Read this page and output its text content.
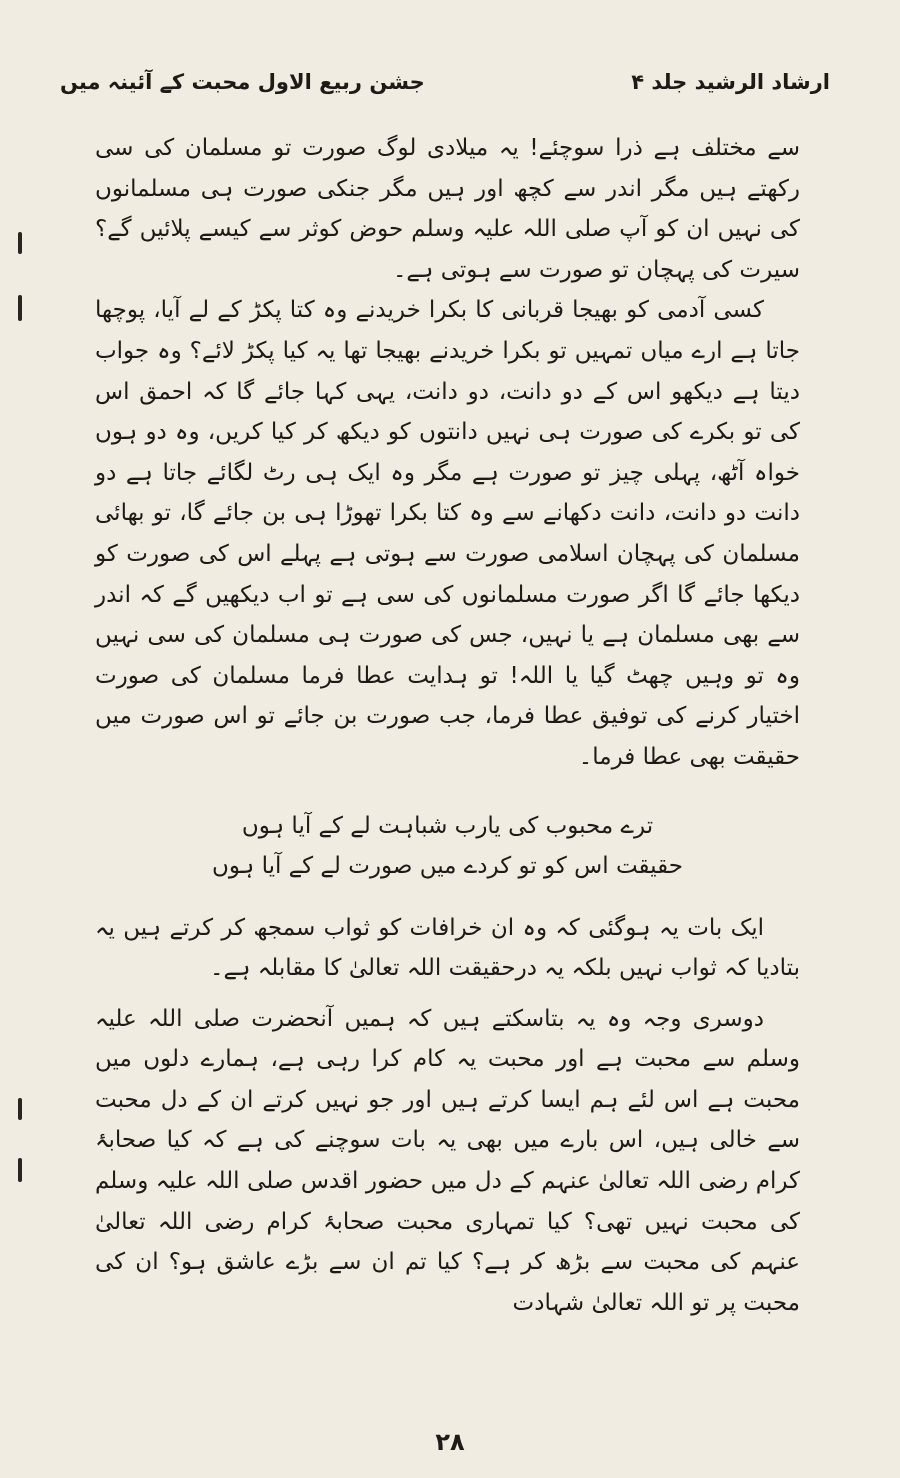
ارشاد الرشید جلد ۴
جشن ربیع الاول محبت کے آئینہ میں

سے مختلف ہے ذرا سوچئے! یہ میلادی لوگ صورت تو مسلمان کی سی رکھتے ہیں مگر اندر سے کچھ اور ہیں مگر جنکی صورت ہی مسلمانوں کی نہیں ان کو آپ صلی اللہ علیہ وسلم حوض کوثر سے کیسے پلائیں گے؟ سیرت کی پہچان تو صورت سے ہوتی ہے۔

کسی آدمی کو بھیجا قربانی کا بکرا خریدنے وہ کتا پکڑ کے لے آیا، پوچھا جاتا ہے ارے میاں تمہیں تو بکرا خریدنے بھیجا تھا یہ کیا پکڑ لائے؟ وہ جواب دیتا ہے دیکھو اس کے دو دانت، دو دانت، یہی کہا جائے گا کہ احمق اس کی تو بکرے کی صورت ہی نہیں دانتوں کو دیکھ کر کیا کریں، وہ دو ہوں خواہ آٹھ، پہلی چیز تو صورت ہے مگر وہ ایک ہی رٹ لگائے جاتا ہے دو دانت دو دانت، دانت دکھانے سے وہ کتا بکرا تھوڑا ہی بن جائے گا، تو بھائی مسلمان کی پہچان اسلامی صورت سے ہوتی ہے پہلے اس کی صورت کو دیکھا جائے گا اگر صورت مسلمانوں کی سی ہے تو اب دیکھیں گے کہ اندر سے بھی مسلمان ہے یا نہیں، جس کی صورت ہی مسلمان کی سی نہیں وہ تو وہیں چھٹ گیا یا اللہ! تو ہدایت عطا فرما مسلمان کی صورت اختیار کرنے کی توفیق عطا فرما، جب صورت بن جائے تو اس صورت میں حقیقت بھی عطا فرما۔

ترے محبوب کی یارب شباہت لے کے آیا ہوں
حقیقت اس کو تو کردے میں صورت لے کے آیا ہوں

ایک بات یہ ہوگئی کہ وہ ان خرافات کو ثواب سمجھ کر کرتے ہیں یہ بتادیا کہ ثواب نہیں بلکہ یہ درحقیقت اللہ تعالیٰ کا مقابلہ ہے۔

دوسری وجہ وہ یہ بتاسکتے ہیں کہ ہمیں آنحضرت صلی اللہ علیہ وسلم سے محبت ہے اور محبت یہ کام کرا رہی ہے، ہمارے دلوں میں محبت ہے اس لئے ہم ایسا کرتے ہیں اور جو نہیں کرتے ان کے دل محبت سے خالی ہیں، اس بارے میں بھی یہ بات سوچنے کی ہے کہ کیا صحابۂ کرام رضی اللہ تعالیٰ عنہم کے دل میں حضور اقدس صلی اللہ علیہ وسلم کی محبت نہیں تھی؟ کیا تمہاری محبت صحابۂ کرام رضی اللہ تعالیٰ عنہم کی محبت سے بڑھ کر ہے؟ کیا تم ان سے بڑے عاشق ہو؟ ان کی محبت پر تو اللہ تعالیٰ شہادت

۲۸
